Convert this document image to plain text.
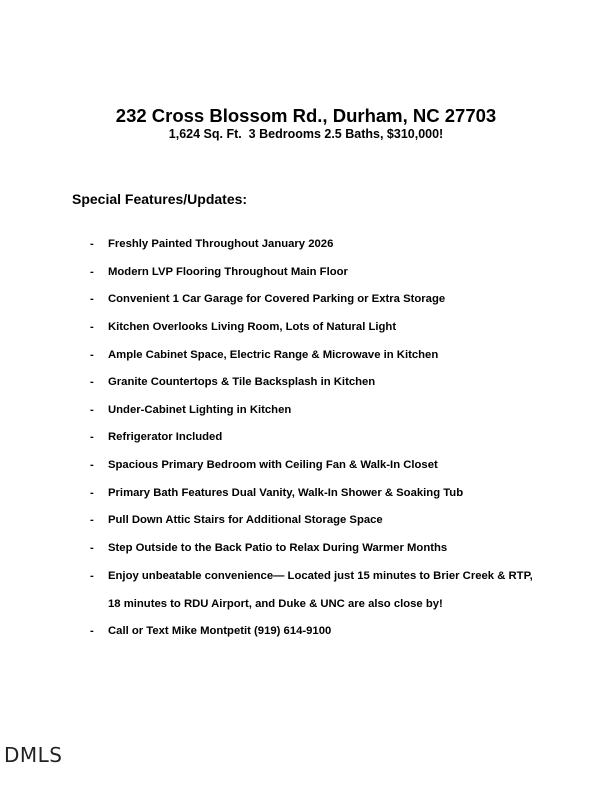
232 Cross Blossom Rd., Durham, NC 27703
1,624 Sq. Ft.  3 Bedrooms 2.5 Baths, $310,000!
Special Features/Updates:
- Freshly Painted Throughout January 2026
- Modern LVP Flooring Throughout Main Floor
- Convenient 1 Car Garage for Covered Parking or Extra Storage
- Kitchen Overlooks Living Room, Lots of Natural Light
- Ample Cabinet Space, Electric Range & Microwave in Kitchen
- Granite Countertops & Tile Backsplash in Kitchen
- Under-Cabinet Lighting in Kitchen
- Refrigerator Included
- Spacious Primary Bedroom with Ceiling Fan & Walk-In Closet
- Primary Bath Features Dual Vanity, Walk-In Shower & Soaking Tub
- Pull Down Attic Stairs for Additional Storage Space
- Step Outside to the Back Patio to Relax During Warmer Months
- Enjoy unbeatable convenience— Located just 15 minutes to Brier Creek & RTP, 18 minutes to RDU Airport, and Duke & UNC are also close by!
- Call or Text Mike Montpetit (919) 614-9100
DMLS
